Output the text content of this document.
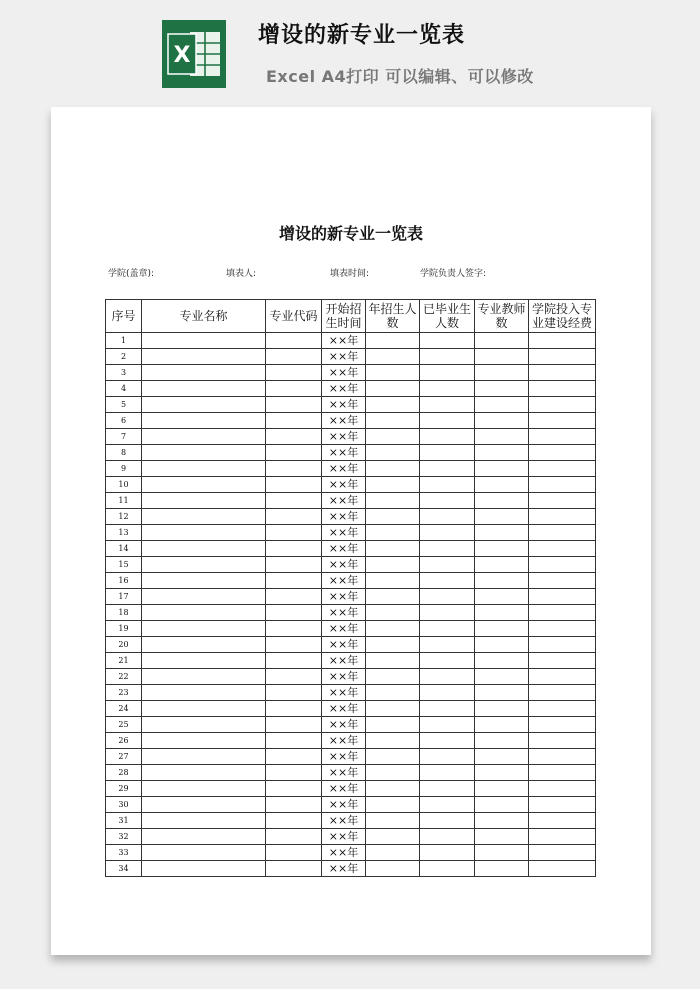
X
增设的新专业一览表
Excel A4打印 可以编辑、可以修改
增设的新专业一览表
学院(盖章):	填表人:	填表时间:	学院负责人签字:
序号	专业名称	专业代码	开始招生时间	年招生人数	已毕业生人数	专业教师数	学院投入专业建设经费
1			××年				
2			××年				
3			××年				
4			××年				
5			××年				
6			××年				
7			××年				
8			××年				
9			××年				
10			××年				
11			××年				
12			××年				
13			××年				
14			××年				
15			××年				
16			××年				
17			××年				
18			××年				
19			××年				
20			××年				
21			××年				
22			××年				
23			××年				
24			××年				
25			××年				
26			××年				
27			××年				
28			××年				
29			××年				
30			××年				
31			××年				
32			××年				
33			××年				
34			××年				
